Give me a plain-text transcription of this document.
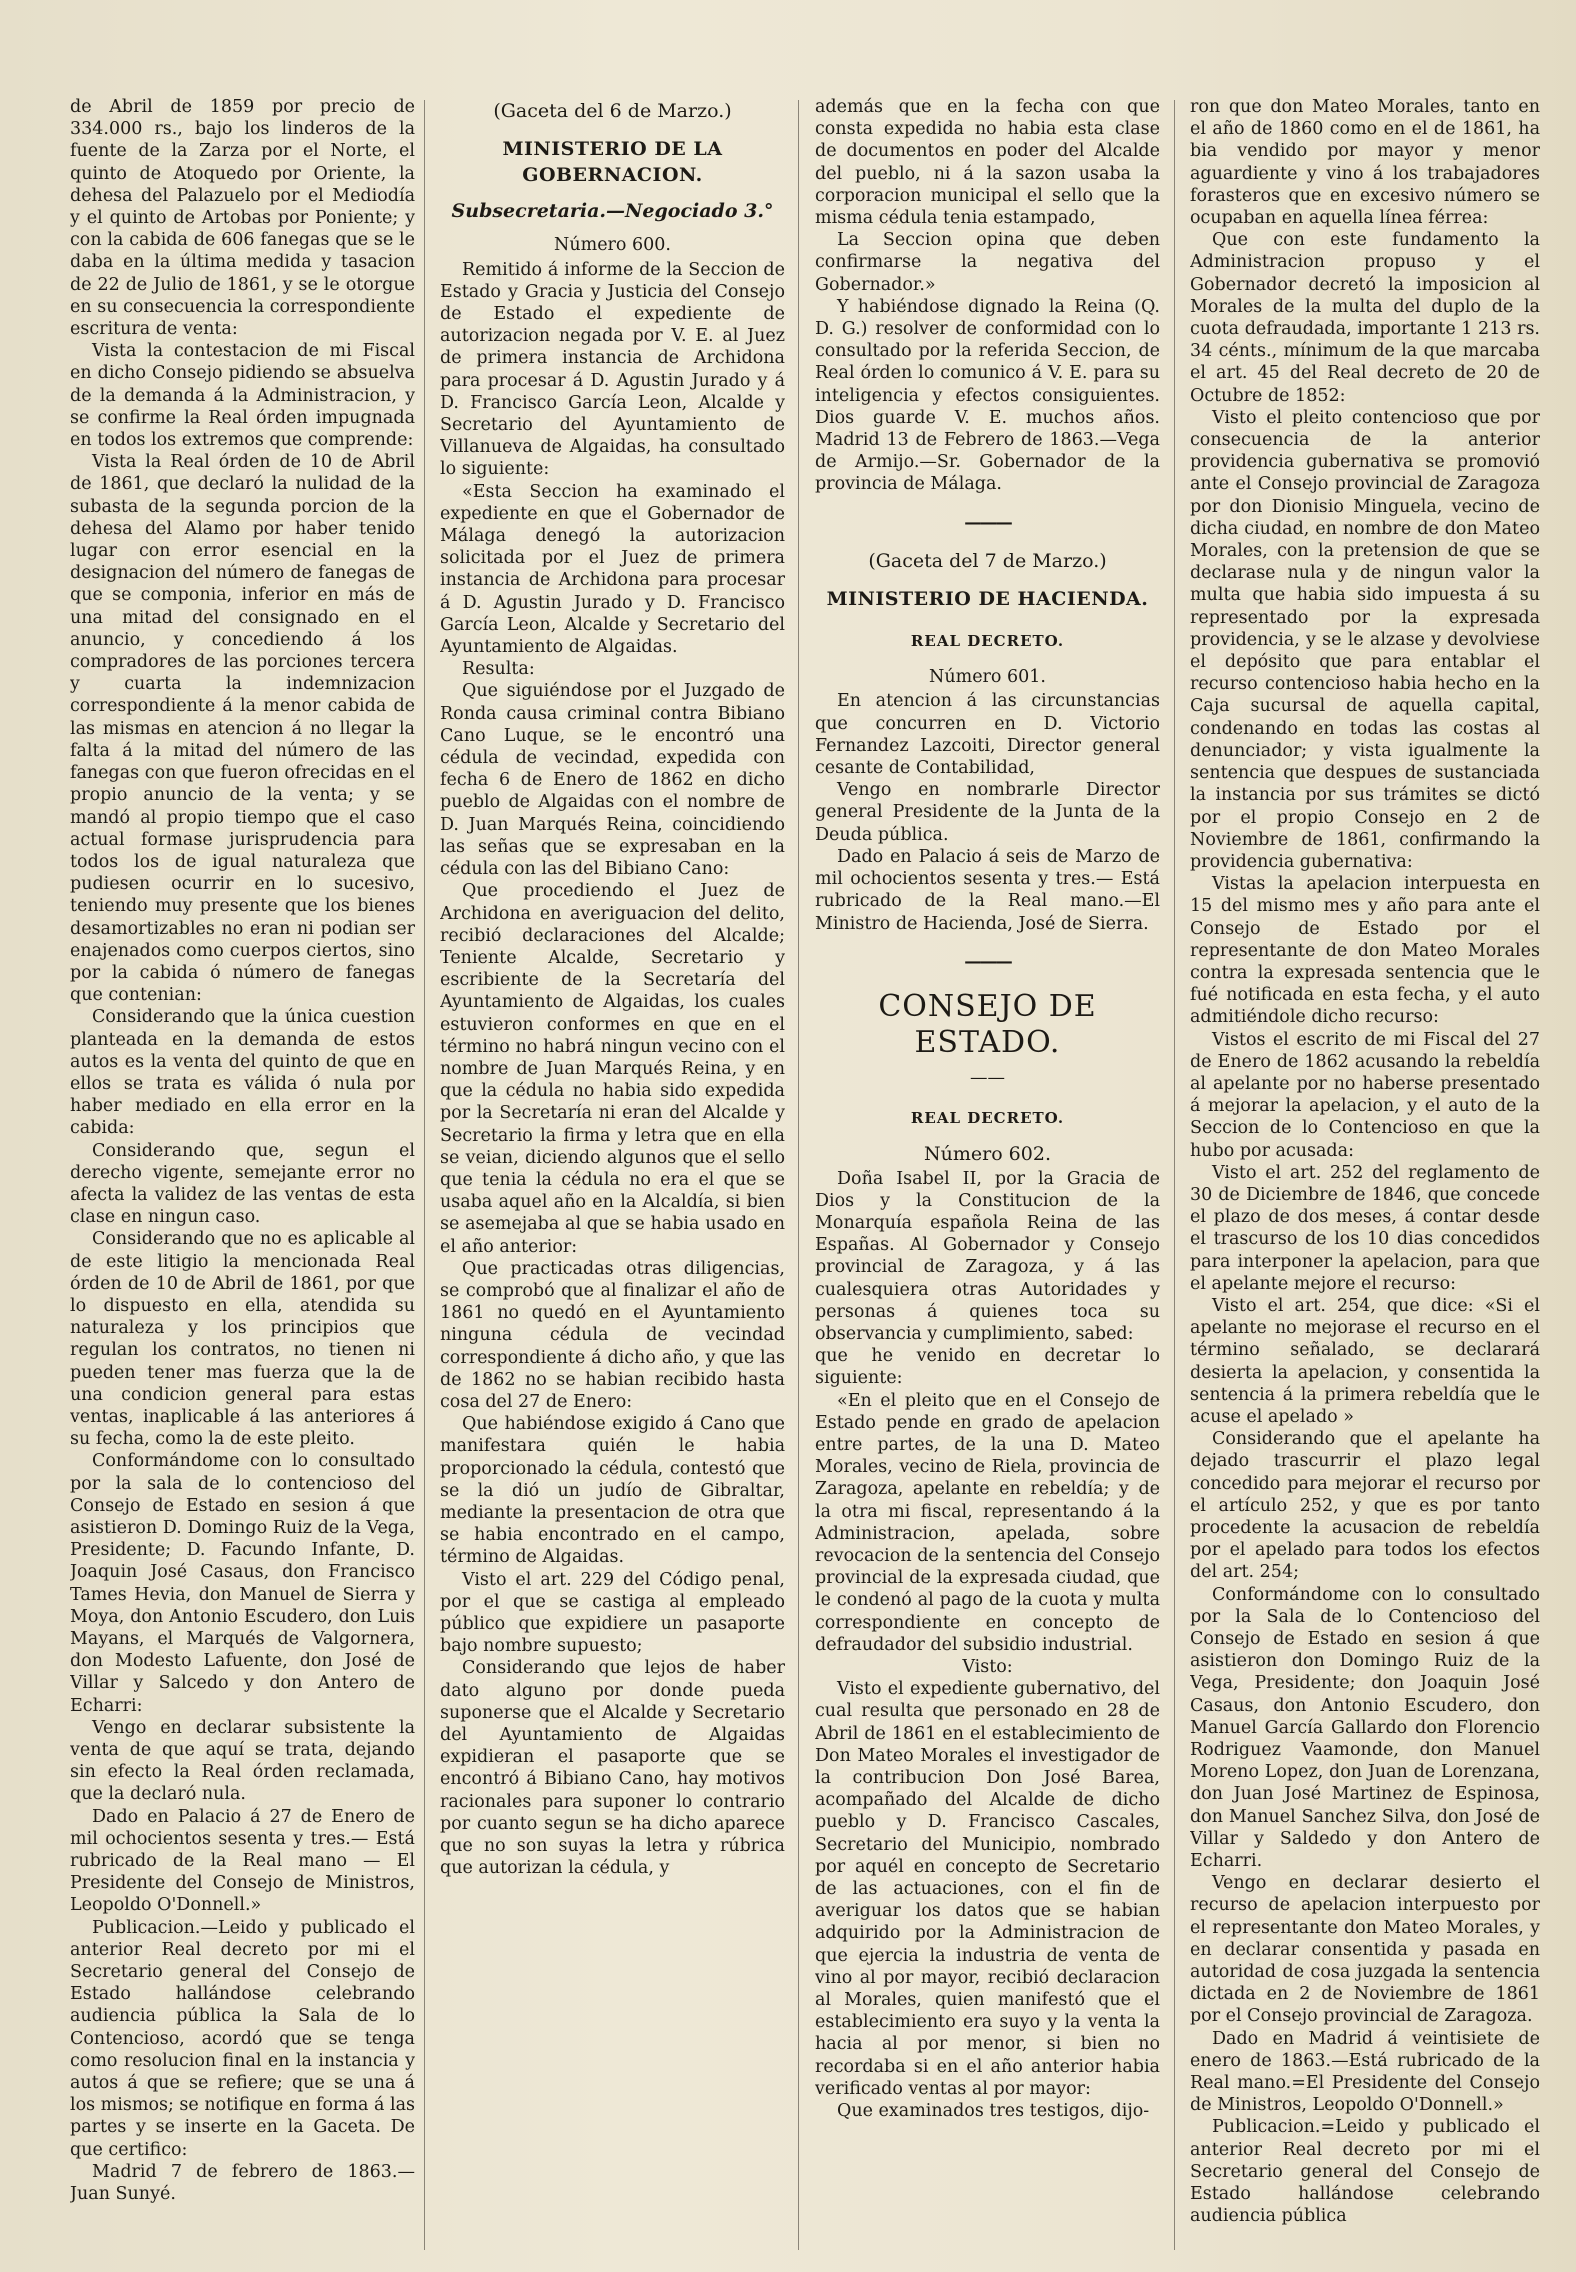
de Abril de 1859 por precio de 334.000 rs., bajo los linderos de la fuente de la Zarza por el Norte, el quinto de Atoquedo por Oriente, la dehesa del Palazuelo por el Mediodía y el quinto de Artobas por Poniente; y con la cabida de 606 fanegas que se le daba en la última medida y tasacion de 22 de Julio de 1861, y se le otorgue en su consecuencia la correspondiente escritura de venta:

Vista la contestacion de mi Fiscal en dicho Consejo pidiendo se absuelva de la demanda á la Administracion, y se confirme la Real órden impugnada en todos los extremos que comprende:

Vista la Real órden de 10 de Abril de 1861, que declaró la nulidad de la subasta de la segunda porcion de la dehesa del Alamo por haber tenido lugar con error esencial en la designacion del número de fanegas de que se componia, inferior en más de una mitad del consignado en el anuncio, y concediendo á los compradores de las porciones tercera y cuarta la indemnizacion correspondiente á la menor cabida de las mismas en atencion á no llegar la falta á la mitad del número de las fanegas con que fueron ofrecidas en el propio anuncio de la venta; y se mandó al propio tiempo que el caso actual formase jurisprudencia para todos los de igual naturaleza que pudiesen ocurrir en lo sucesivo, teniendo muy presente que los bienes desamortizables no eran ni podian ser enajenados como cuerpos ciertos, sino por la cabida ó número de fanegas que contenian:

Considerando que la única cuestion planteada en la demanda de estos autos es la venta del quinto de que en ellos se trata es válida ó nula por haber mediado en ella error en la cabida:

Considerando que, segun el derecho vigente, semejante error no afecta la validez de las ventas de esta clase en ningun caso.

Considerando que no es aplicable al de este litigio la mencionada Real órden de 10 de Abril de 1861, por que lo dispuesto en ella, atendida su naturaleza y los principios que regulan los contratos, no tienen ni pueden tener mas fuerza que la de una condicion general para estas ventas, inaplicable á las anteriores á su fecha, como la de este pleito.

Conformándome con lo consultado por la sala de lo contencioso del Consejo de Estado en sesion á que asistieron D. Domingo Ruiz de la Vega, Presidente; D. Facundo Infante, D. Joaquin José Casaus, don Francisco Tames Hevia, don Manuel de Sierra y Moya, don Antonio Escudero, don Luis Mayans, el Marqués de Valgornera, don Modesto Lafuente, don José de Villar y Salcedo y don Antero de Echarri:

Vengo en declarar subsistente la venta de que aquí se trata, dejando sin efecto la Real órden reclamada, que la declaró nula.

Dado en Palacio á 27 de Enero de mil ochocientos sesenta y tres.— Está rubricado de la Real mano — El Presidente del Consejo de Ministros, Leopoldo O'Donnell.»

Publicacion.—Leido y publicado el anterior Real decreto por mi el Secretario general del Consejo de Estado hallándose celebrando audiencia pública la Sala de lo Contencioso, acordó que se tenga como resolucion final en la instancia y autos á que se refiere; que se una á los mismos; se notifique en forma á las partes y se inserte en la Gaceta. De que certifico:

Madrid 7 de febrero de 1863.— Juan Sunyé.

(Gaceta del 6 de Marzo.)

MINISTERIO DE LA GOBERNACION.

Subsecretaria.—Negociado 3.°

Número 600.

Remitido á informe de la Seccion de Estado y Gracia y Justicia del Consejo de Estado el expediente de autorizacion negada por V. E. al Juez de primera instancia de Archidona para procesar á D. Agustin Jurado y á D. Francisco García Leon, Alcalde y Secretario del Ayuntamiento de Villanueva de Algaidas, ha consultado lo siguiente:

«Esta Seccion ha examinado el expediente en que el Gobernador de Málaga denegó la autorizacion solicitada por el Juez de primera instancia de Archidona para procesar á D. Agustin Jurado y D. Francisco García Leon, Alcalde y Secretario del Ayuntamiento de Algaidas.

Resulta:

Que siguiéndose por el Juzgado de Ronda causa criminal contra Bibiano Cano Luque, se le encontró una cédula de vecindad, expedida con fecha 6 de Enero de 1862 en dicho pueblo de Algaidas con el nombre de D. Juan Marqués Reina, coincidiendo las señas que se expresaban en la cédula con las del Bibiano Cano:

Que procediendo el Juez de Archidona en averiguacion del delito, recibió declaraciones del Alcalde; Teniente Alcalde, Secretario y escribiente de la Secretaría del Ayuntamiento de Algaidas, los cuales estuvieron conformes en que en el término no habrá ningun vecino con el nombre de Juan Marqués Reina, y en que la cédula no habia sido expedida por la Secretaría ni eran del Alcalde y Secretario la firma y letra que en ella se veian, diciendo algunos que el sello que tenia la cédula no era el que se usaba aquel año en la Alcaldía, si bien se asemejaba al que se habia usado en el año anterior:

Que practicadas otras diligencias, se comprobó que al finalizar el año de 1861 no quedó en el Ayuntamiento ninguna cédula de vecindad correspondiente á dicho año, y que las de 1862 no se habian recibido hasta cosa del 27 de Enero:

Que habiéndose exigido á Cano que manifestara quién le habia proporcionado la cédula, contestó que se la dió un judío de Gibraltar, mediante la presentacion de otra que se habia encontrado en el campo, término de Algaidas.

Visto el art. 229 del Código penal, por el que se castiga al empleado público que expidiere un pasaporte bajo nombre supuesto;

Considerando que lejos de haber dato alguno por donde pueda suponerse que el Alcalde y Secretario del Ayuntamiento de Algaidas expidieran el pasaporte que se encontró á Bibiano Cano, hay motivos racionales para suponer lo contrario por cuanto segun se ha dicho aparece que no son suyas la letra y rúbrica que autorizan la cédula, y

además que en la fecha con que consta expedida no habia esta clase de documentos en poder del Alcalde del pueblo, ni á la sazon usaba la corporacion municipal el sello que la misma cédula tenia estampado,

La Seccion opina que deben confirmarse la negativa del Gobernador.»

Y habiéndose dignado la Reina (Q. D. G.) resolver de conformidad con lo consultado por la referida Seccion, de Real órden lo comunico á V. E. para su inteligencia y efectos consiguientes. Dios guarde V. E. muchos años. Madrid 13 de Febrero de 1863.—Vega de Armijo.—Sr. Gobernador de la provincia de Málaga.

———

(Gaceta del 7 de Marzo.)

MINISTERIO DE HACIENDA.

REAL DECRETO.

Número 601.

En atencion á las circunstancias que concurren en D. Victorio Fernandez Lazcoiti, Director general cesante de Contabilidad,

Vengo en nombrarle Director general Presidente de la Junta de la Deuda pública.

Dado en Palacio á seis de Marzo de mil ochocientos sesenta y tres.— Está rubricado de la Real mano.—El Ministro de Hacienda, José de Sierra.

———

CONSEJO DE ESTADO.

——

REAL DECRETO.

Número 602.

Doña Isabel II, por la Gracia de Dios y la Constitucion de la Monarquía española Reina de las Españas. Al Gobernador y Consejo provincial de Zaragoza, y á las cualesquiera otras Autoridades y personas á quienes toca su observancia y cumplimiento, sabed:

que he venido en decretar lo siguiente:

«En el pleito que en el Consejo de Estado pende en grado de apelacion entre partes, de la una D. Mateo Morales, vecino de Riela, provincia de Zaragoza, apelante en rebeldía; y de la otra mi fiscal, representando á la Administracion, apelada, sobre revocacion de la sentencia del Consejo provincial de la expresada ciudad, que le condenó al pago de la cuota y multa correspondiente en concepto de defraudador del subsidio industrial.

Visto:

Visto el expediente gubernativo, del cual resulta que personado en 28 de Abril de 1861 en el establecimiento de Don Mateo Morales el investigador de la contribucion Don José Barea, acompañado del Alcalde de dicho pueblo y D. Francisco Cascales, Secretario del Municipio, nombrado por aquél en concepto de Secretario de las actuaciones, con el fin de averiguar los datos que se habian adquirido por la Administracion de que ejercia la industria de venta de vino al por mayor, recibió declaracion al Morales, quien manifestó que el establecimiento era suyo y la venta la hacia al por menor, si bien no recordaba si en el año anterior habia verificado ventas al por mayor:

Que examinados tres testigos, dijo-

ron que don Mateo Morales, tanto en el año de 1860 como en el de 1861, ha bia vendido por mayor y menor aguardiente y vino á los trabajadores forasteros que en excesivo número se ocupaban en aquella línea férrea:

Que con este fundamento la Administracion propuso y el Gobernador decretó la imposicion al Morales de la multa del duplo de la cuota defraudada, importante 1 213 rs. 34 cénts., mínimum de la que marcaba el art. 45 del Real decreto de 20 de Octubre de 1852:

Visto el pleito contencioso que por consecuencia de la anterior providencia gubernativa se promovió ante el Consejo provincial de Zaragoza por don Dionisio Minguela, vecino de dicha ciudad, en nombre de don Mateo Morales, con la pretension de que se declarase nula y de ningun valor la multa que habia sido impuesta á su representado por la expresada providencia, y se le alzase y devolviese el depósito que para entablar el recurso contencioso habia hecho en la Caja sucursal de aquella capital, condenando en todas las costas al denunciador; y vista igualmente la sentencia que despues de sustanciada la instancia por sus trámites se dictó por el propio Consejo en 2 de Noviembre de 1861, confirmando la providencia gubernativa:

Vistas la apelacion interpuesta en 15 del mismo mes y año para ante el Consejo de Estado por el representante de don Mateo Morales contra la expresada sentencia que le fué notificada en esta fecha, y el auto admitiéndole dicho recurso:

Vistos el escrito de mi Fiscal del 27 de Enero de 1862 acusando la rebeldía al apelante por no haberse presentado á mejorar la apelacion, y el auto de la Seccion de lo Contencioso en que la hubo por acusada:

Visto el art. 252 del reglamento de 30 de Diciembre de 1846, que concede el plazo de dos meses, á contar desde el trascurso de los 10 dias concedidos para interponer la apelacion, para que el apelante mejore el recurso:

Visto el art. 254, que dice: «Si el apelante no mejorase el recurso en el término señalado, se declarará desierta la apelacion, y consentida la sentencia á la primera rebeldía que le acuse el apelado »

Considerando que el apelante ha dejado trascurrir el plazo legal concedido para mejorar el recurso por el artículo 252, y que es por tanto procedente la acusacion de rebeldía por el apelado para todos los efectos del art. 254;

Conformándome con lo consultado por la Sala de lo Contencioso del Consejo de Estado en sesion á que asistieron don Domingo Ruiz de la Vega, Presidente; don Joaquin José Casaus, don Antonio Escudero, don Manuel García Gallardo don Florencio Rodriguez Vaamonde, don Manuel Moreno Lopez, don Juan de Lorenzana, don Juan José Martinez de Espinosa, don Manuel Sanchez Silva, don José de Villar y Saldedo y don Antero de Echarri.

Vengo en declarar desierto el recurso de apelacion interpuesto por el representante don Mateo Morales, y en declarar consentida y pasada en autoridad de cosa juzgada la sentencia dictada en 2 de Noviembre de 1861 por el Consejo provincial de Zaragoza.

Dado en Madrid á veintisiete de enero de 1863.—Está rubricado de la Real mano.=El Presidente del Consejo de Ministros, Leopoldo O'Donnell.»

Publicacion.=Leido y publicado el anterior Real decreto por mi el Secretario general del Consejo de Estado hallándose celebrando audiencia pública
